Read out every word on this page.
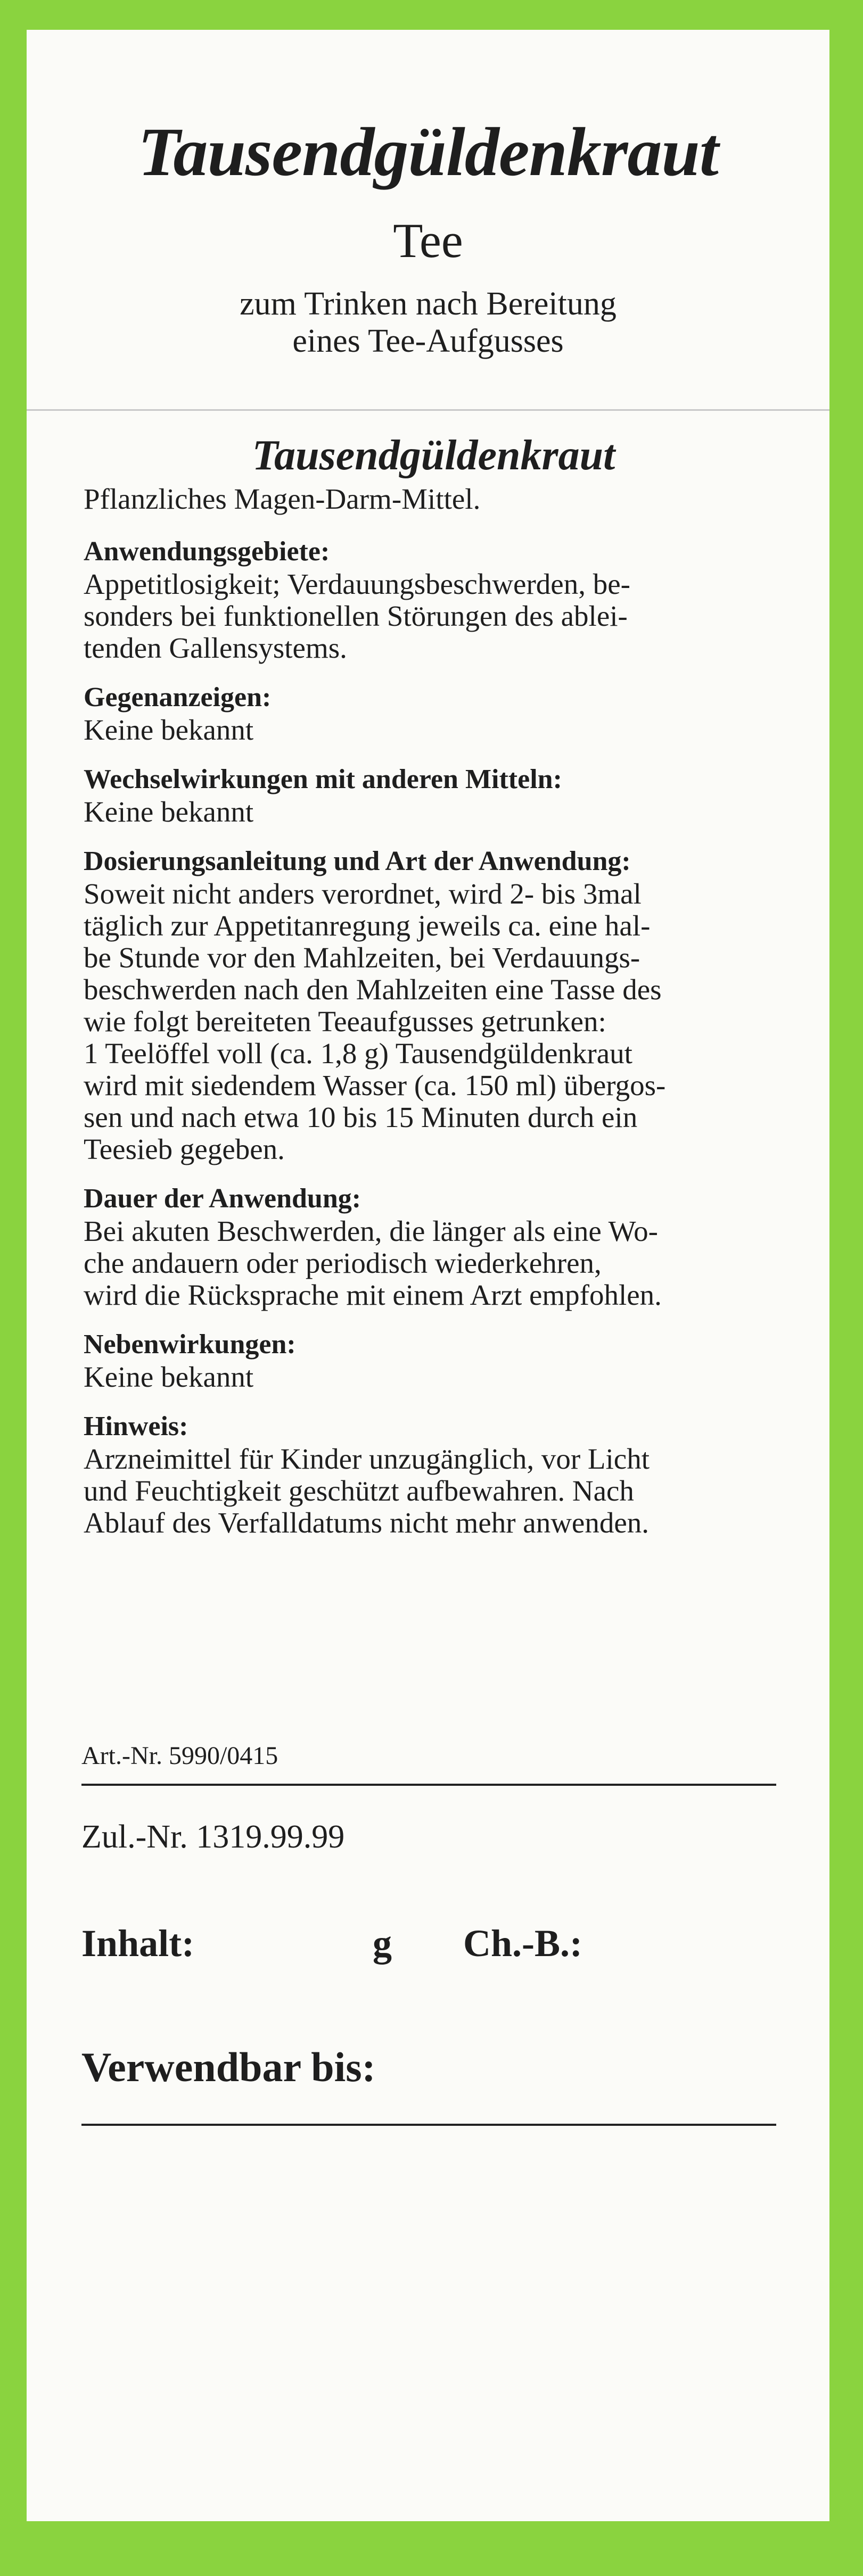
Tausendgüldenkraut
Tee
zum Trinken nach Bereitung
eines Tee-Aufgusses
Tausendgüldenkraut
Pflanzliches Magen-Darm-Mittel.
Anwendungsgebiete:
Appetitlosigkeit; Verdauungsbeschwerden, be-
sonders bei funktionellen Störungen des ablei-
tenden Gallensystems.
Gegenanzeigen:
Keine bekannt
Wechselwirkungen mit anderen Mitteln:
Keine bekannt
Dosierungsanleitung und Art der Anwendung:
Soweit nicht anders verordnet, wird 2- bis 3mal
täglich zur Appetitanregung jeweils ca. eine hal-
be Stunde vor den Mahlzeiten, bei Verdauungs-
beschwerden nach den Mahlzeiten eine Tasse des
wie folgt bereiteten Teeaufgusses getrunken:
1 Teelöffel voll (ca. 1,8 g) Tausendgüldenkraut
wird mit siedendem Wasser (ca. 150 ml) übergos-
sen und nach etwa 10 bis 15 Minuten durch ein
Teesieb gegeben.
Dauer der Anwendung:
Bei akuten Beschwerden, die länger als eine Wo-
che andauern oder periodisch wiederkehren,
wird die Rücksprache mit einem Arzt empfohlen.
Nebenwirkungen:
Keine bekannt
Hinweis:
Arzneimittel für Kinder unzugänglich, vor Licht
und Feuchtigkeit geschützt aufbewahren. Nach
Ablauf des Verfalldatums nicht mehr anwenden.
Art.-Nr. 5990/0415
Zul.-Nr. 1319.99.99
Inhalt:	g Ch.-B.:
Verwendbar bis:
